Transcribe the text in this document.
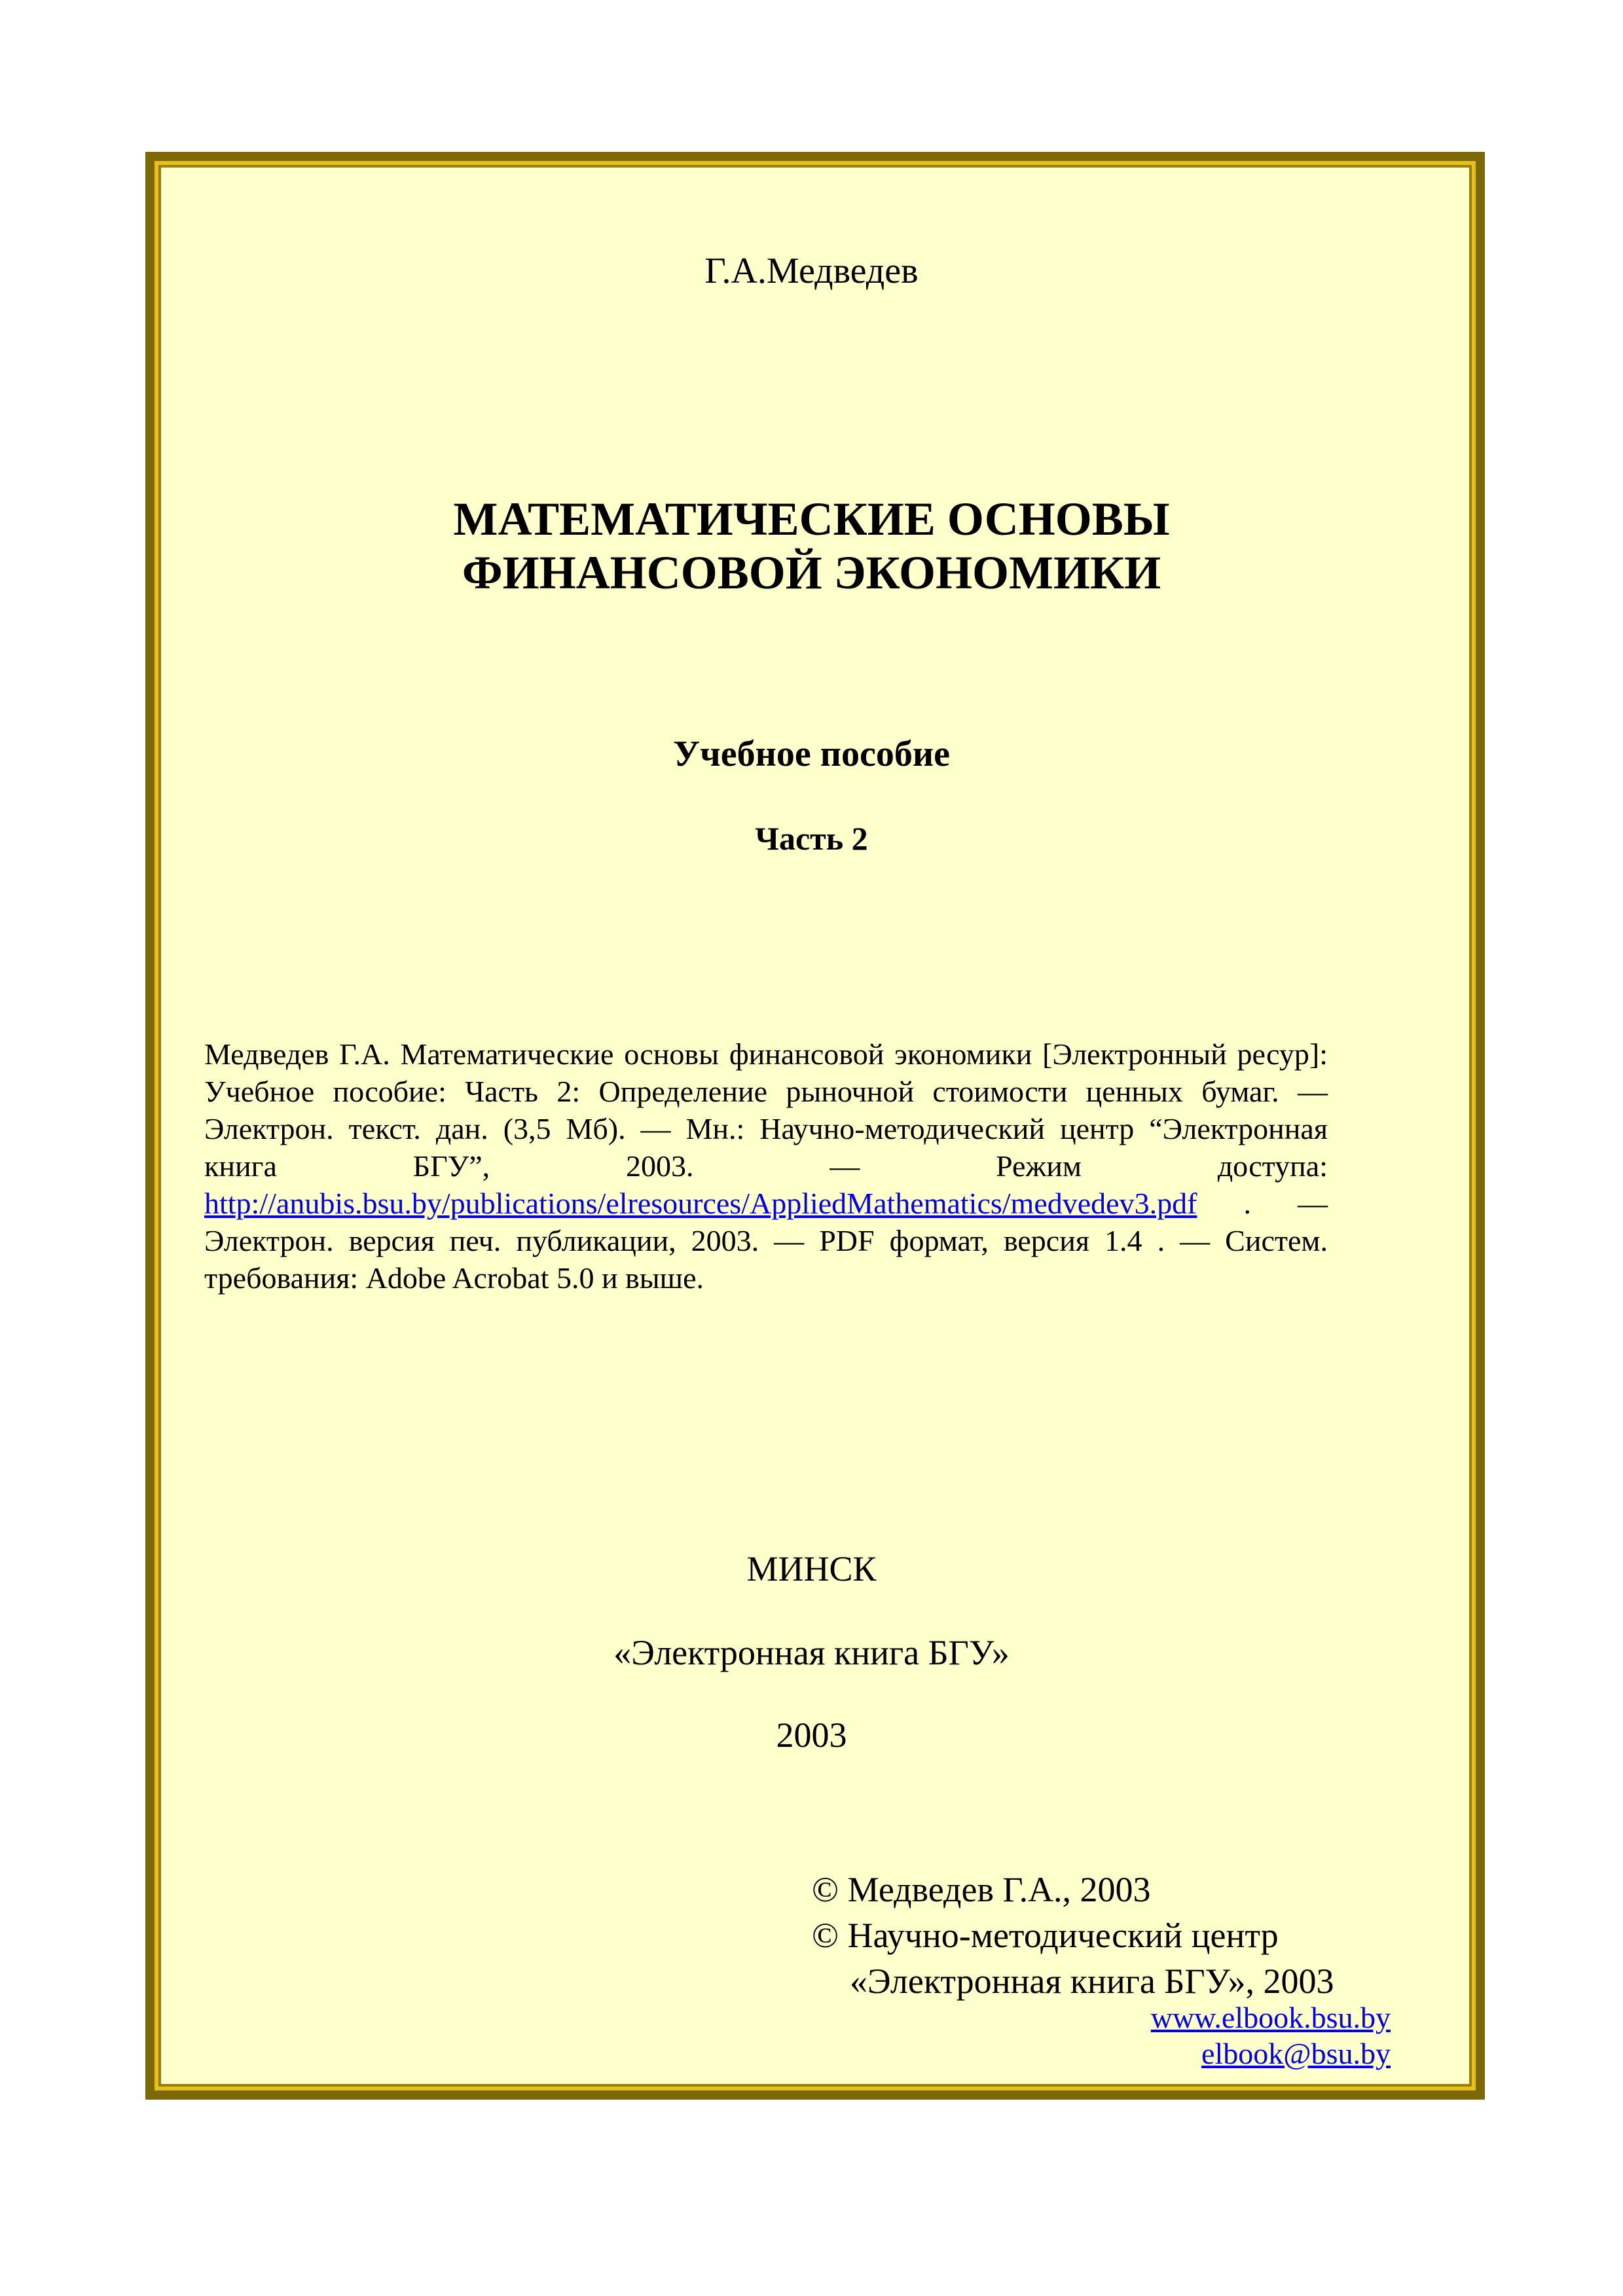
Г.А.Медведев

МАТЕМАТИЧЕСКИЕ ОСНОВЫ
ФИНАНСОВОЙ ЭКОНОМИКИ

Учебное пособие

Часть 2

Медведев Г.А. Математические основы финансовой экономики [Электронный ресур]: Учебное пособие: Часть 2: Определение рыночной стоимости ценных бумаг. — Электрон. текст. дан. (3,5 Мб). — Мн.: Научно-методический центр “Электронная книга БГУ”, 2003. — Режим доступа: http://anubis.bsu.by/publications/elresources/AppliedMathematics/medvedev3.pdf . — Электрон. версия печ. публикации, 2003. — PDF формат, версия 1.4 . — Систем. требования: Adobe Acrobat 5.0 и выше.

МИНСК

«Электронная книга БГУ»

2003

© Медведев Г.А., 2003
© Научно-методический центр
«Электронная книга БГУ», 2003
www.elbook.bsu.by
elbook@bsu.by
